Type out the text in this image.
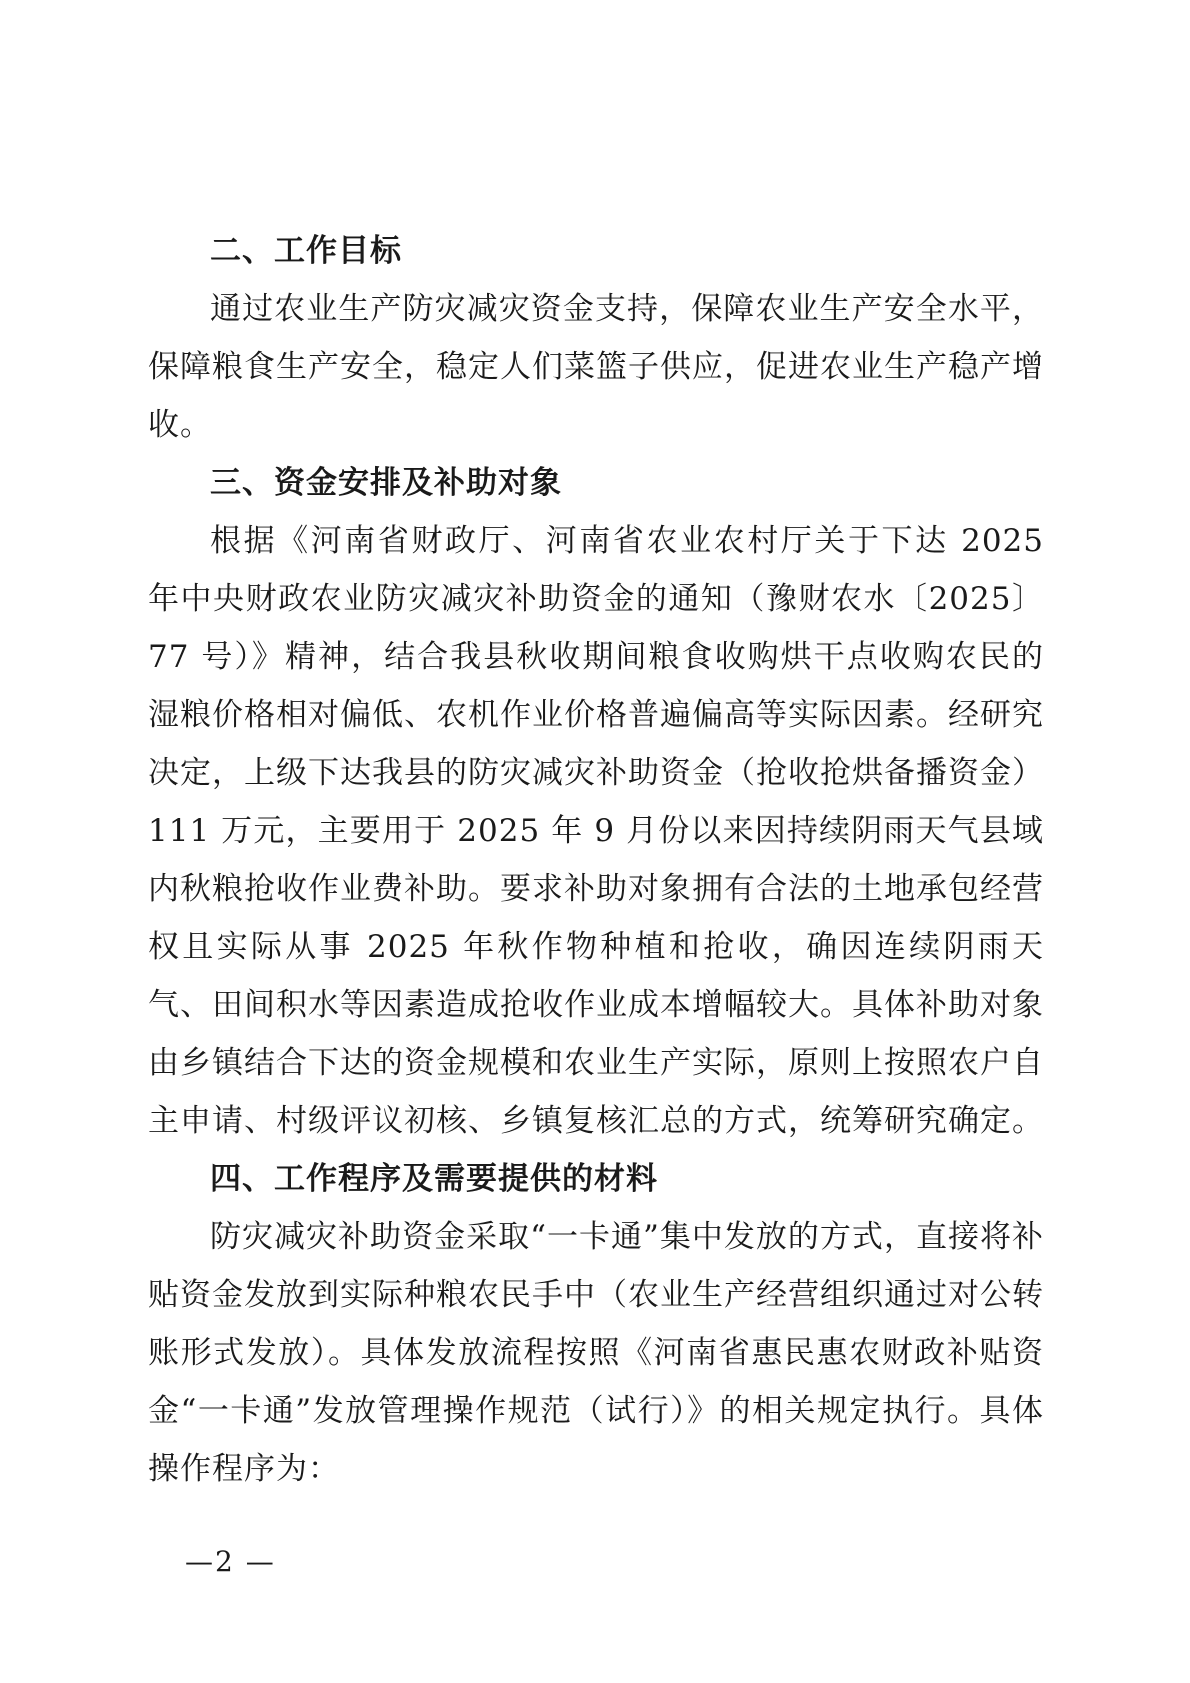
二、工作目标

通过农业生产防灾减灾资金支持，保障农业生产安全水平，保障粮食生产安全，稳定人们菜篮子供应，促进农业生产稳产增收。

三、资金安排及补助对象

根据《河南省财政厅、河南省农业农村厅关于下达 2025 年中央财政农业防灾减灾补助资金的通知（豫财农水〔2025〕77 号）》精神，结合我县秋收期间粮食收购烘干点收购农民的湿粮价格相对偏低、农机作业价格普遍偏高等实际因素。经研究决定，上级下达我县的防灾减灾补助资金（抢收抢烘备播资金）111 万元，主要用于 2025 年 9 月份以来因持续阴雨天气县域内秋粮抢收作业费补助。要求补助对象拥有合法的土地承包经营权且实际从事 2025 年秋作物种植和抢收，确因连续阴雨天气、田间积水等因素造成抢收作业成本增幅较大。具体补助对象由乡镇结合下达的资金规模和农业生产实际，原则上按照农户自主申请、村级评议初核、乡镇复核汇总的方式，统筹研究确定。

四、工作程序及需要提供的材料

防灾减灾补助资金采取“一卡通”集中发放的方式，直接将补贴资金发放到实际种粮农民手中（农业生产经营组织通过对公转账形式发放）。具体发放流程按照《河南省惠民惠农财政补贴资金“一卡通”发放管理操作规范（试行）》的相关规定执行。具体操作程序为：

—2 —
